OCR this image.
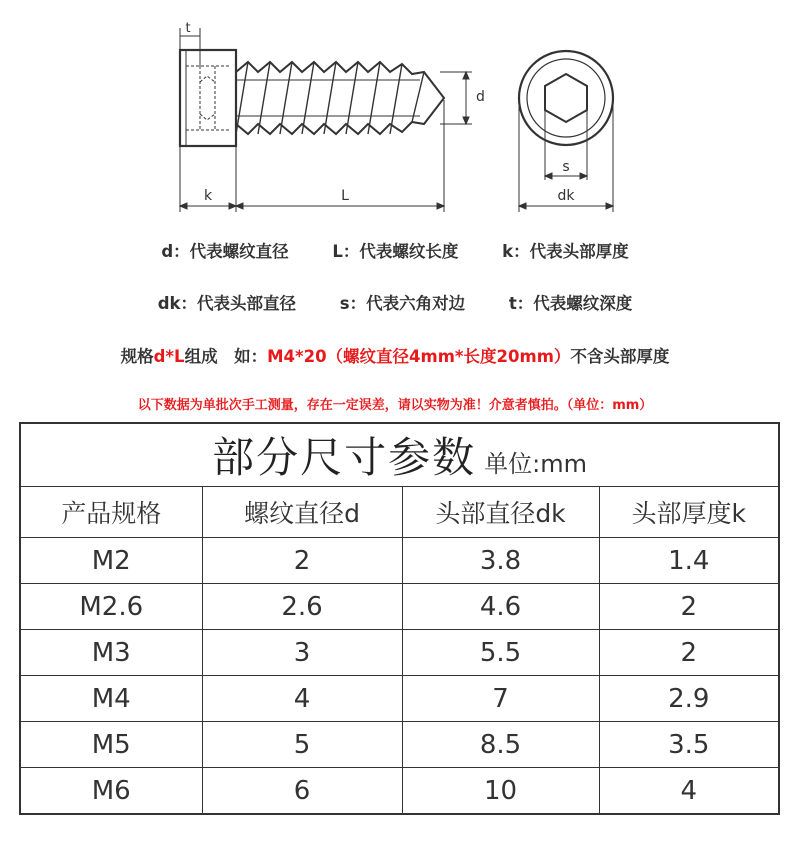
t
d
k	L
s
dk
d：代表螺纹直径	L：代表螺纹长度	k：代表头部厚度
dk：代表头部直径	s：代表六角对边	t：代表螺纹深度
规格d*L组成　如：M4*20（螺纹直径4mm*长度20mm）不含头部厚度
以下数据为单批次手工测量，存在一定误差，请以实物为准！介意者慎拍。（单位：mm）
部分尺寸参数 单位:mm			
产品规格	螺纹直径d	头部直径dk	头部厚度k
M2	2	3.8	1.4
M2.6	2.6	4.6	2
M3	3	5.5	2
M4	4	7	2.9
M5	5	8.5	3.5
M6	6	10	4
